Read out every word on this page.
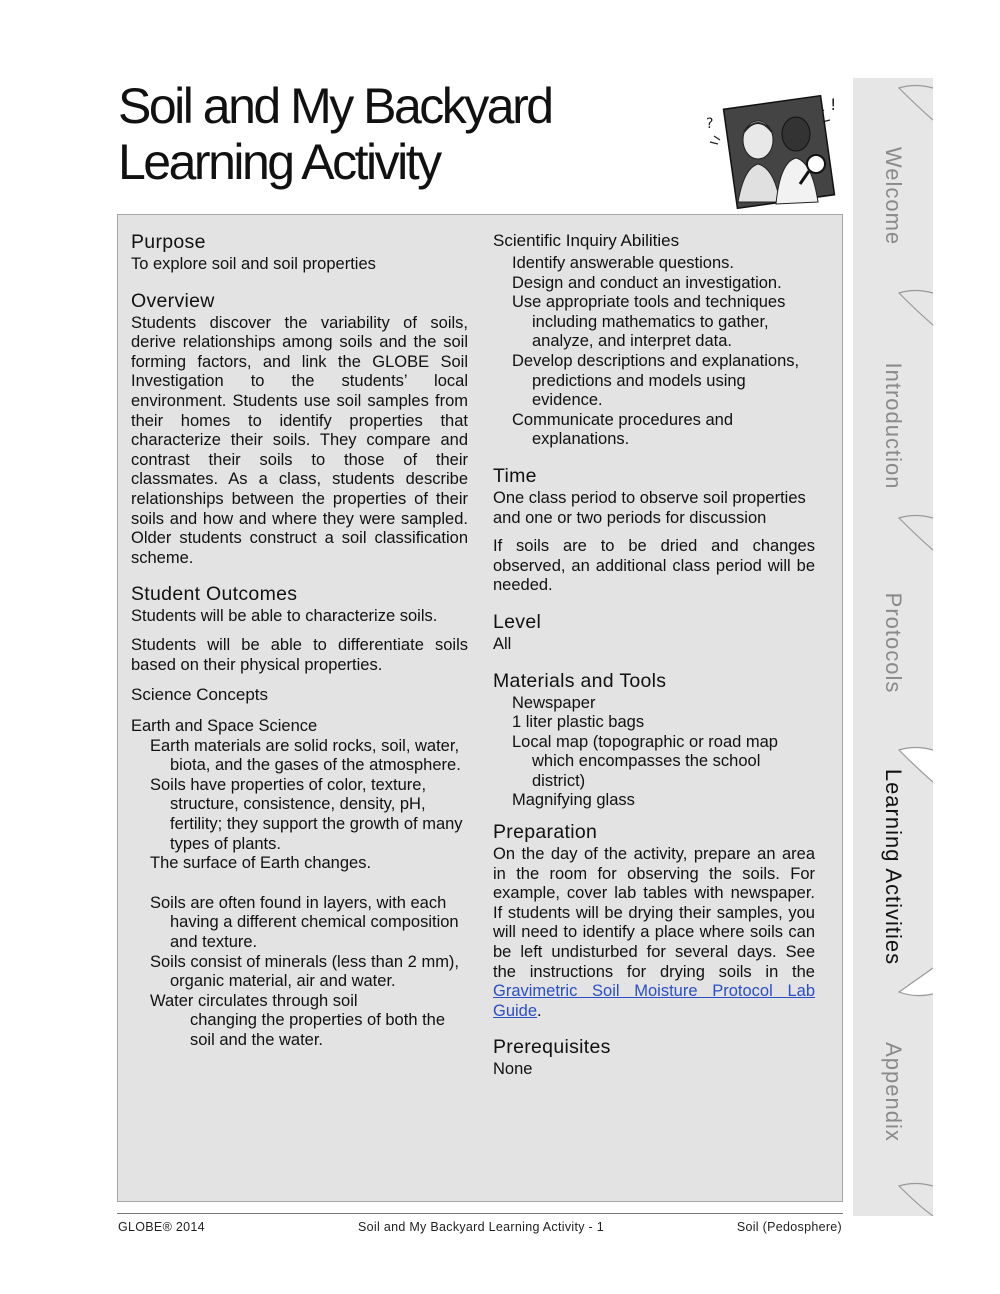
Soil and My Backyard
Learning Activity
?
!
Purpose

To explore soil and soil properties

Overview

Students discover the variability of soils, derive relationships among soils and the soil forming factors, and link the GLOBE Soil Investigation to the students’ local environment. Students use soil samples from their homes to identify properties that characterize their soils. They compare and contrast their soils to those of their classmates. As a class, students describe relationships between the properties of their soils and how and where they were sampled. Older students construct a soil classification scheme.

Student Outcomes

Students will be able to characterize soils.

Students will be able to differentiate soils based on their physical properties.

Science Concepts
Earth and Space Science

Earth materials are solid rocks, soil, water, biota, and the gases of the atmosphere.

Soils have properties of color, texture, structure, consistence, density, pH, fertility; they support the growth of many types of plants.

The surface of Earth changes.

Soils are often found in layers, with each having a different chemical composition and texture.

Soils consist of minerals (less than 2 mm), organic material, air and water.

Water circulates through soil

changing the properties of both the soil and the water.

Scientific Inquiry Abilities

Identify answerable questions.

Design and conduct an investigation.

Use appropriate tools and techniques including mathematics to gather, analyze, and interpret data.

Develop descriptions and explanations, predictions and models using evidence.

Communicate procedures and explanations.

Time

One class period to observe soil properties and one or two periods for discussion

If soils are to be dried and changes observed, an additional class period will be needed.

Level

All

Materials and Tools

Newspaper

1 liter plastic bags

Local map (topographic or road map which encompasses the school district)

Magnifying glass

Preparation

On the day of the activity, prepare an area in the room for observing the soils. For example, cover lab tables with newspaper. If students will be drying their samples, you will need to identify a place where soils can be left undisturbed for several days. See the instructions for drying soils in the Gravimetric Soil Moisture Protocol Lab Guide.

Prerequisites

None

Welcome
Introduction
Protocols
Learning Activities
Appendix
GLOBE® 2014	Soil and My Backyard Learning Activity - 1	Soil (Pedosphere)
